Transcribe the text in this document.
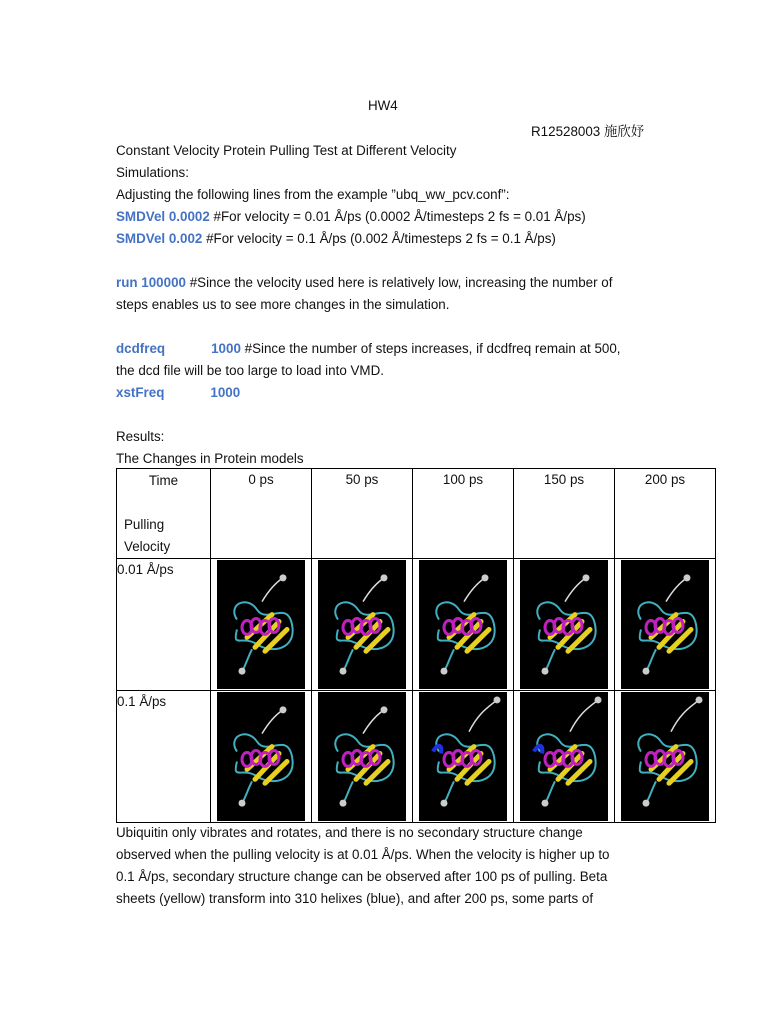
HW4
R12528003 施欣妤
Constant Velocity Protein Pulling Test at Different Velocity
Simulations:
Adjusting the following lines from the example ”ubq_ww_pcv.conf”:
SMDVel 0.0002 #For velocity = 0.01 Å/ps (0.0002 Å/timesteps 2 fs = 0.01 Å/ps)
SMDVel 0.002 #For velocity = 0.1 Å/ps (0.002 Å/timesteps 2 fs = 0.1 Å/ps)
run 100000 #Since the velocity used here is relatively low, increasing the number of
steps enables us to see more changes in the simulation.
dcdfreq	1000 #Since the number of steps increases, if dcdfreq remain at 500,
the dcd file will be too large to load into VMD.
xstFreq	1000
Results:
The Changes in Protein models
Time
Pulling
Velocity	0 ps	50 ps	100 ps	150 ps	200 ps
0.01 Å/ps	

0.1 Å/ps	

Ubiquitin only vibrates and rotates, and there is no secondary structure change
observed when the pulling velocity is at 0.01 Å/ps. When the velocity is higher up to
0.1 Å/ps, secondary structure change can be observed after 100 ps of pulling. Beta
sheets (yellow) transform into 310 helixes (blue), and after 200 ps, some parts of
